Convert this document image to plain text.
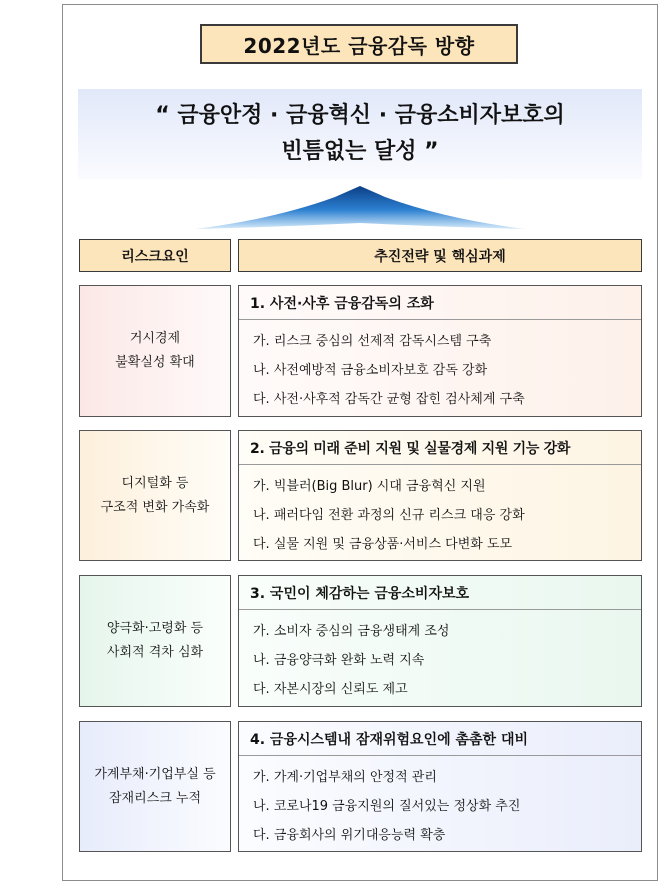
2022년도 금융감독 방향
“ 금융안정 · 금융혁신 · 금융소비자보호의
빈틈없는 달성 ”
리스크요인	추진전략 및 핵심과제
거시경제
불확실성 확대
1. 사전·사후 금융감독의 조화
가. 리스크 중심의 선제적 감독시스템 구축
나. 사전예방적 금융소비자보호 감독 강화
다. 사전·사후적 감독간 균형 잡힌 검사체계 구축
디지털화 등
구조적 변화 가속화
2. 금융의 미래 준비 지원 및 실물경제 지원 기능 강화
가. 빅블러(Big Blur) 시대 금융혁신 지원
나. 패러다임 전환 과정의 신규 리스크 대응 강화
다. 실물 지원 및 금융상품·서비스 다변화 도모
양극화·고령화 등
사회적 격차 심화
3. 국민이 체감하는 금융소비자보호
가. 소비자 중심의 금융생태계 조성
나. 금융양극화 완화 노력 지속
다. 자본시장의 신뢰도 제고
가계부채·기업부실 등
잠재리스크 누적
4. 금융시스템내 잠재위험요인에 촘촘한 대비
가. 가계·기업부채의 안정적 관리
나. 코로나19 금융지원의 질서있는 정상화 추진
다. 금융회사의 위기대응능력 확충
